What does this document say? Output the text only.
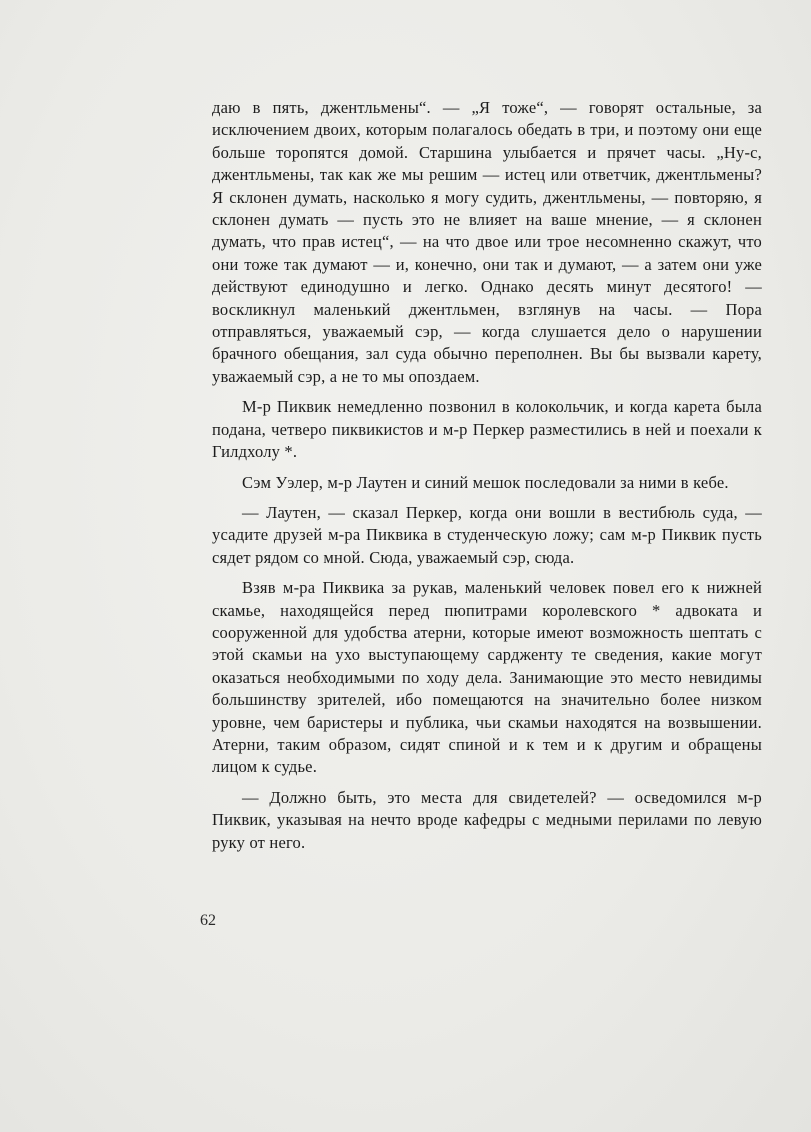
даю в пять, джентльмены“. — „Я тоже“, — говорят остальные, за исключением двоих, которым полагалось обедать в три, и поэтому они еще больше торопятся домой. Старшина улыбается и прячет часы. „Ну-с, джентльмены, так как же мы решим — истец или ответчик, джентльмены? Я склонен думать, насколько я могу судить, джентльмены, — повторяю, я склонен думать — пусть это не влияет на ваше мнение, — я склонен думать, что прав истец“, — на что двое или трое несомненно скажут, что они тоже так думают — и, конечно, они так и думают, — а затем они уже действуют единодушно и легко. Однако десять минут десятого! — воскликнул маленький джентльмен, взглянув на часы. — Пора отправляться, уважаемый сэр, — когда слушается дело о нарушении брачного обещания, зал суда обычно переполнен. Вы бы вызвали карету, уважаемый сэр, а не то мы опоздаем.

М-р Пиквик немедленно позвонил в колокольчик, и когда карета была подана, четверо пиквикистов и м-р Перкер разместились в ней и поехали к Гилдхолу *.

Сэм Уэлер, м-р Лаутен и синий мешок последовали за ними в кебе.

— Лаутен, — сказал Перкер, когда они вошли в вестибюль суда, — усадите друзей м-ра Пиквика в студенческую ложу; сам м-р Пиквик пусть сядет рядом со мной. Сюда, уважаемый сэр, сюда.

Взяв м-ра Пиквика за рукав, маленький человек повел его к нижней скамье, находящейся перед пюпитрами королевского * адвоката и сооруженной для удобства атерни, которые имеют возможность шептать с этой скамьи на ухо выступающему сардженту те сведения, какие могут оказаться необходимыми по ходу дела. Занимающие это место невидимы большинству зрителей, ибо помещаются на значительно более низком уровне, чем баристеры и публика, чьи скамьи находятся на возвышении. Атерни, таким образом, сидят спиной и к тем и к другим и обращены лицом к судье.

— Должно быть, это места для свидетелей? — осведомился м-р Пиквик, указывая на нечто вроде кафедры с медными перилами по левую руку от него.

62
